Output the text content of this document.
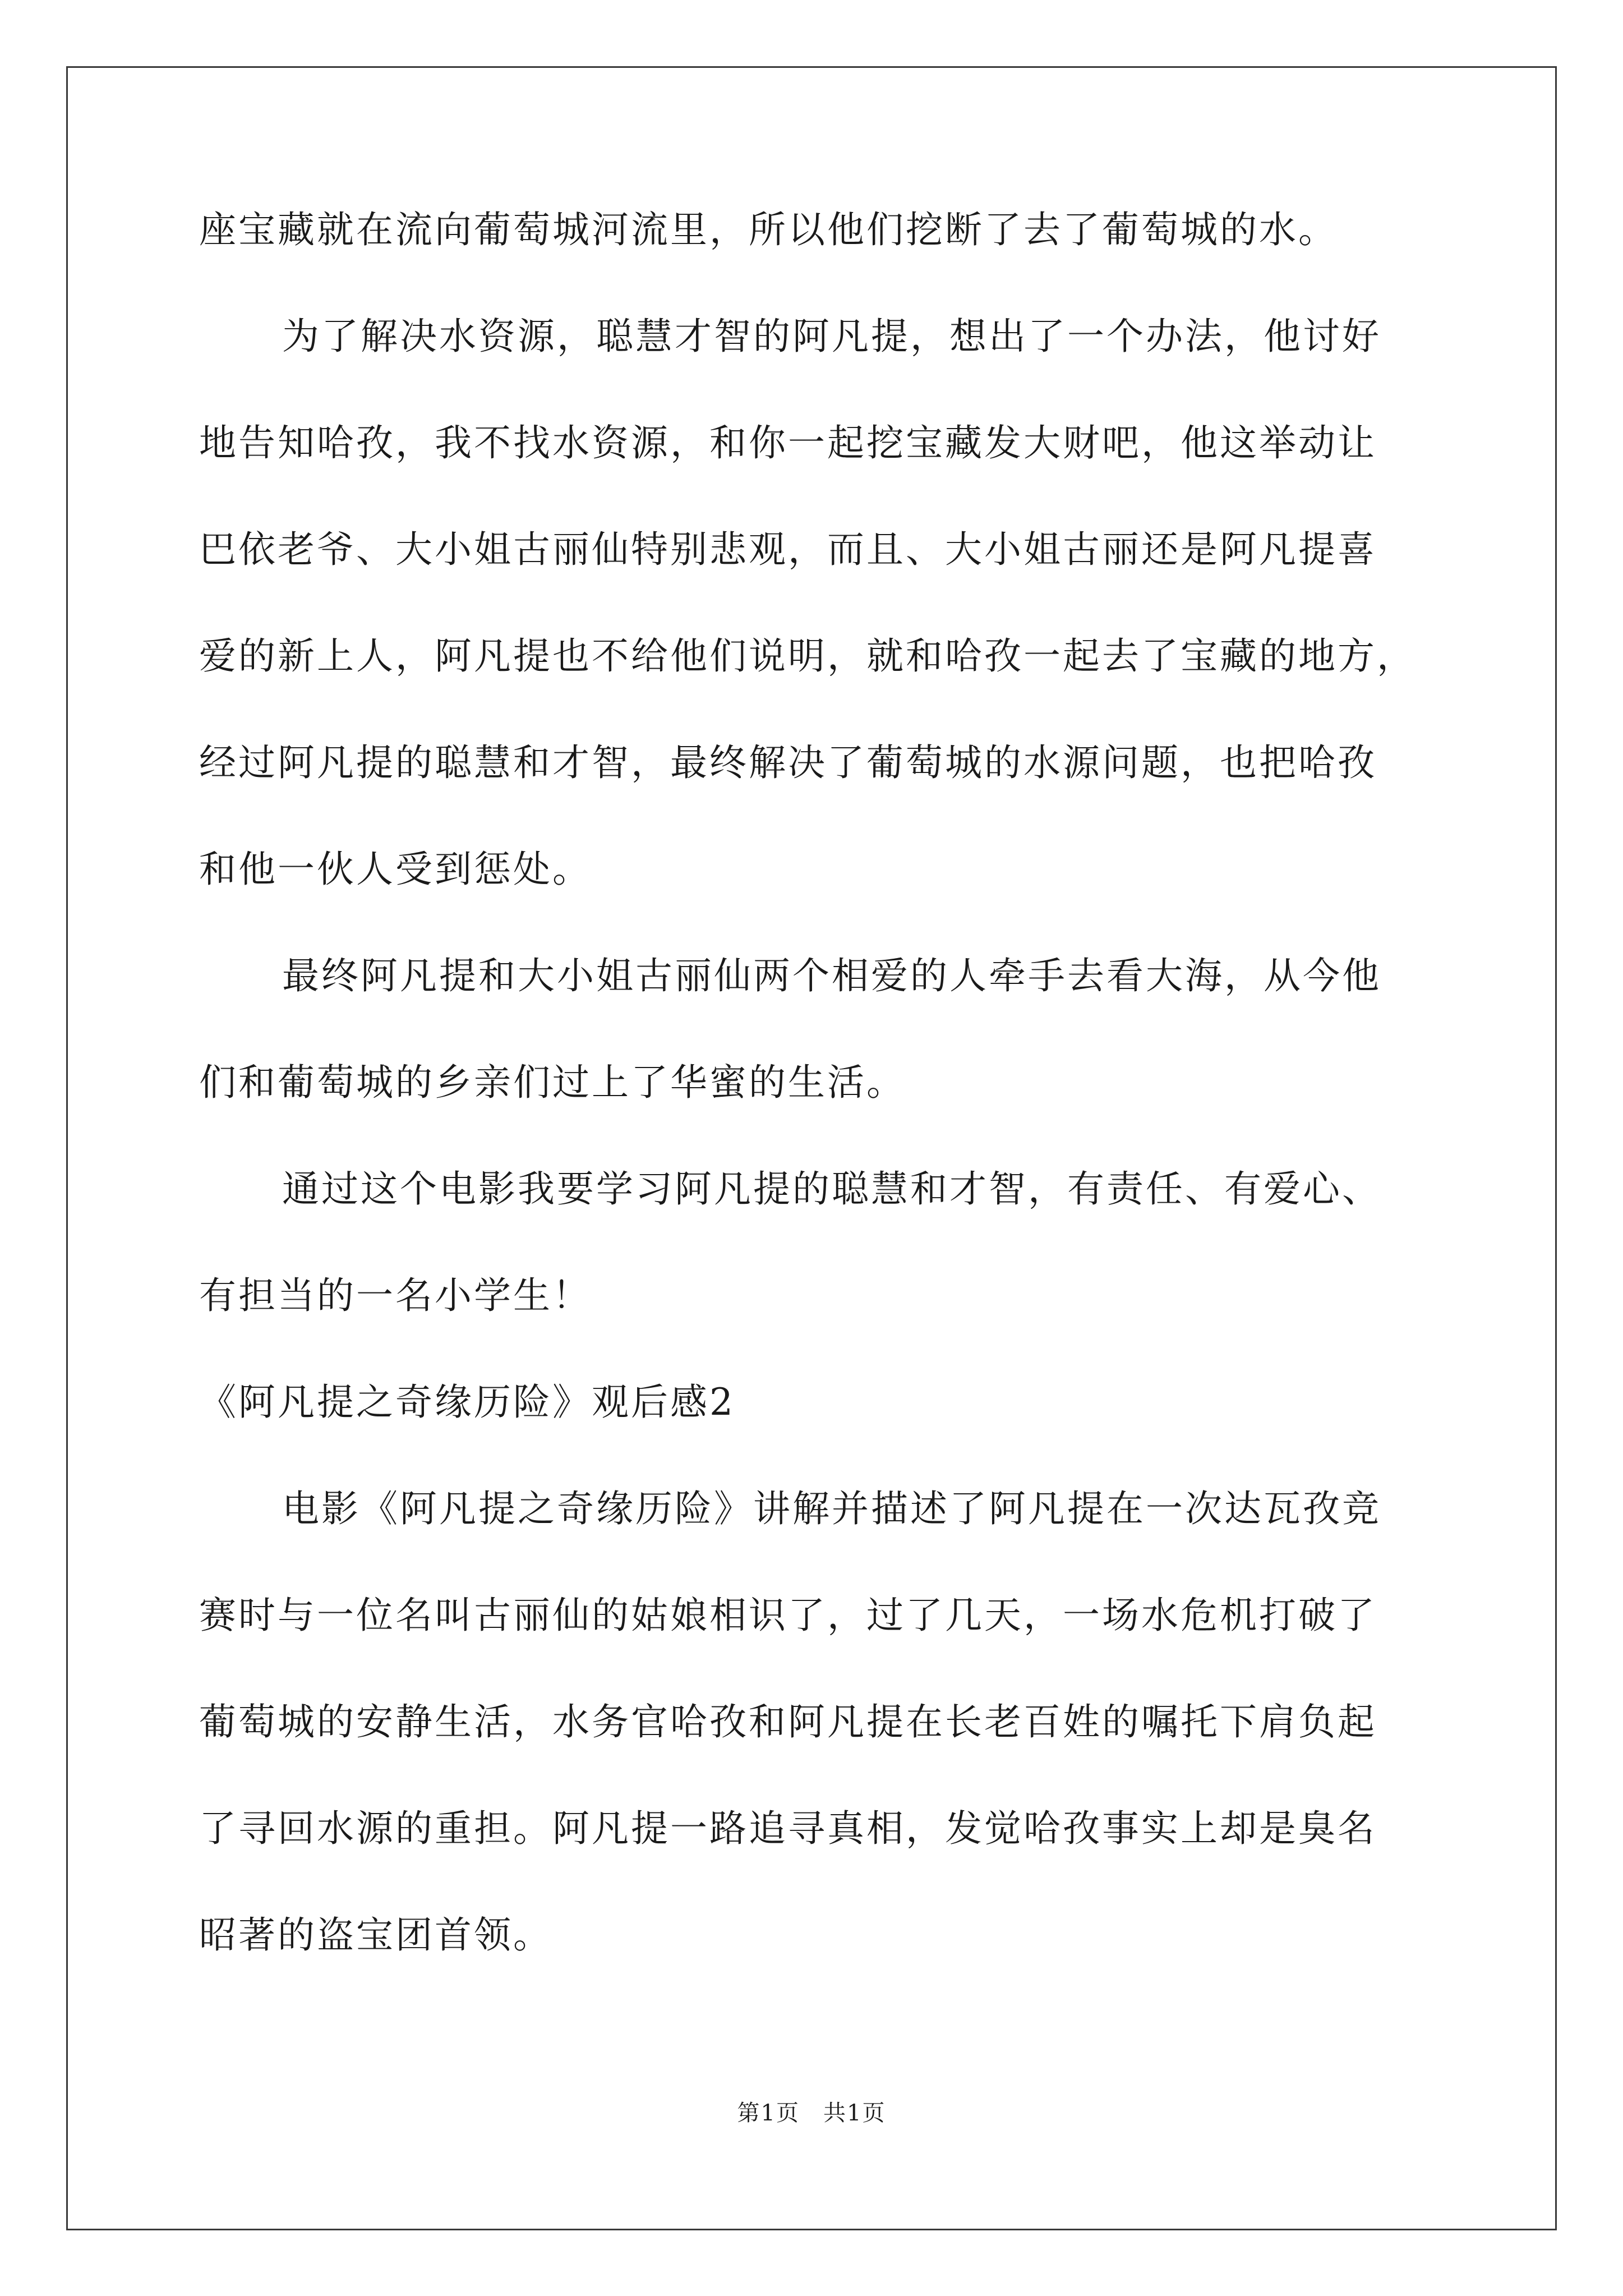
座宝藏就在流向葡萄城河流里，所以他们挖断了去了葡萄城的水。
为了解决水资源，聪慧才智的阿凡提，想出了一个办法，他讨好
地告知哈孜，我不找水资源，和你一起挖宝藏发大财吧，他这举动让
巴依老爷、大小姐古丽仙特别悲观，而且、大小姐古丽还是阿凡提喜
爱的新上人，阿凡提也不给他们说明，就和哈孜一起去了宝藏的地方，
经过阿凡提的聪慧和才智，最终解决了葡萄城的水源问题，也把哈孜
和他一伙人受到惩处。
最终阿凡提和大小姐古丽仙两个相爱的人牵手去看大海，从今他
们和葡萄城的乡亲们过上了华蜜的生活。
通过这个电影我要学习阿凡提的聪慧和才智，有责任、有爱心、
有担当的一名小学生！
《阿凡提之奇缘历险》观后感2
电影《阿凡提之奇缘历险》讲解并描述了阿凡提在一次达瓦孜竞
赛时与一位名叫古丽仙的姑娘相识了，过了几天，一场水危机打破了
葡萄城的安静生活，水务官哈孜和阿凡提在长老百姓的嘱托下肩负起
了寻回水源的重担。阿凡提一路追寻真相，发觉哈孜事实上却是臭名
昭著的盗宝团首领。
第1页　共1页
